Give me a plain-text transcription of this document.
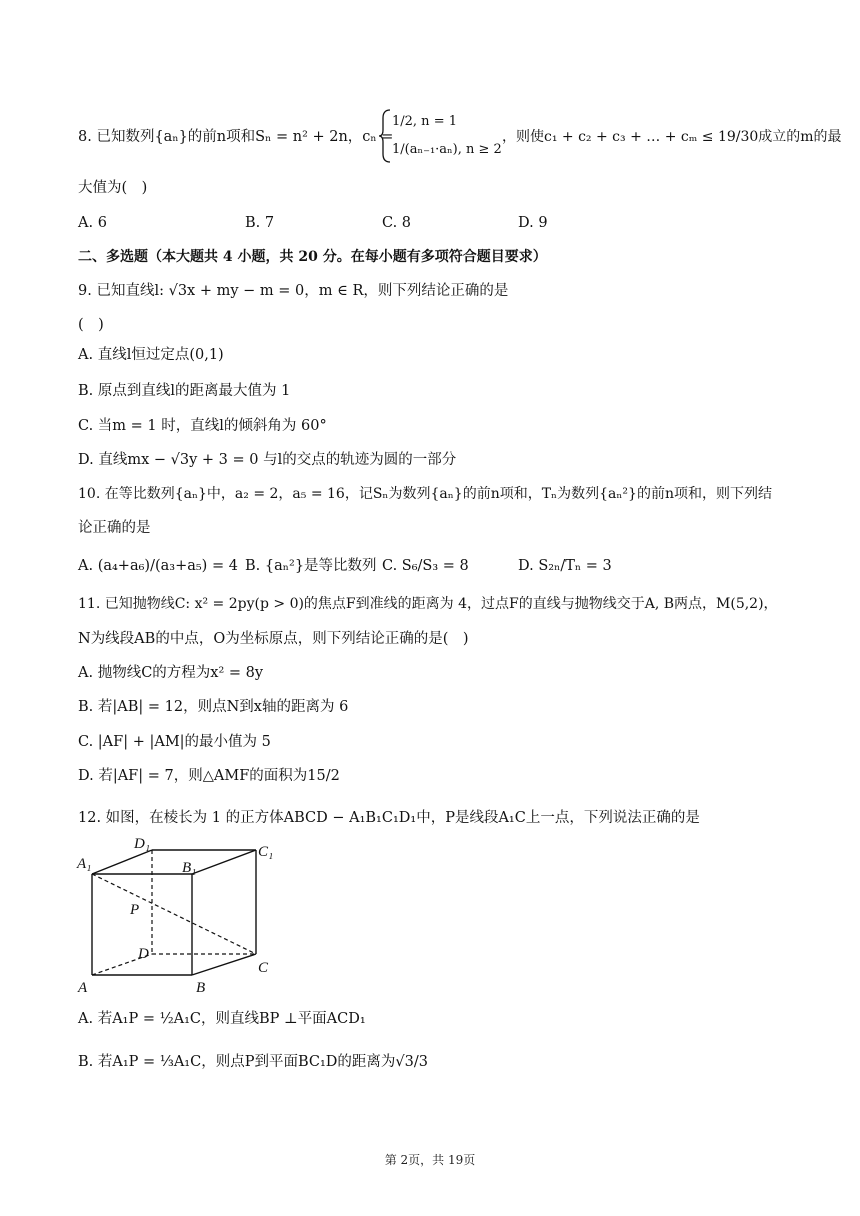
8. 已知数列{aₙ}的前n项和Sₙ = n² + 2n，cₙ =
1/2, n = 1
1/(aₙ₋₁·aₙ), n ≥ 2
，则使c₁ + c₂ + c₃ + … + cₘ ≤ 19/30成立的m的最
大值为(　)
A. 6	B. 7	C. 8	D. 9
二、多选题（本大题共 4 小题，共 20 分。在每小题有多项符合题目要求）
9. 已知直线l: √3x + my − m = 0，m ∈ R，则下列结论正确的是
(　)
A. 直线l恒过定点(0,1)
B. 原点到直线l的距离最大值为 1
C. 当m = 1 时，直线l的倾斜角为 60°
D. 直线mx − √3y + 3 = 0 与l的交点的轨迹为圆的一部分
10. 在等比数列{aₙ}中，a₂ = 2，a₅ = 16，记Sₙ为数列{aₙ}的前n项和，Tₙ为数列{aₙ²}的前n项和，则下列结
论正确的是
A. (a₄+a₆)/(a₃+a₅) = 4 B. {aₙ²}是等比数列 C. S₆/S₃ = 8	D. S₂ₙ/Tₙ = 3
11. 已知抛物线C: x² = 2py(p > 0)的焦点F到准线的距离为 4，过点F的直线与抛物线交于A, B两点，M(5,2)，
N为线段AB的中点，O为坐标原点，则下列结论正确的是(　)
A. 抛物线C的方程为x² = 8y
B. 若|AB| = 12，则点N到x轴的距离为 6
C. |AF| + |AM|的最小值为 5
D. 若|AF| = 7，则△AMF的面积为15/2
12. 如图，在棱长为 1 的正方体ABCD − A₁B₁C₁D₁中，P是线段A₁C上一点，下列说法正确的是
A₁
D₁
B₁
C₁
P
D
C
A	B
A. 若A₁P = ½A₁C，则直线BP ⊥平面ACD₁
B. 若A₁P = ⅓A₁C，则点P到平面BC₁D的距离为√3/3
第 2页，共 19页
